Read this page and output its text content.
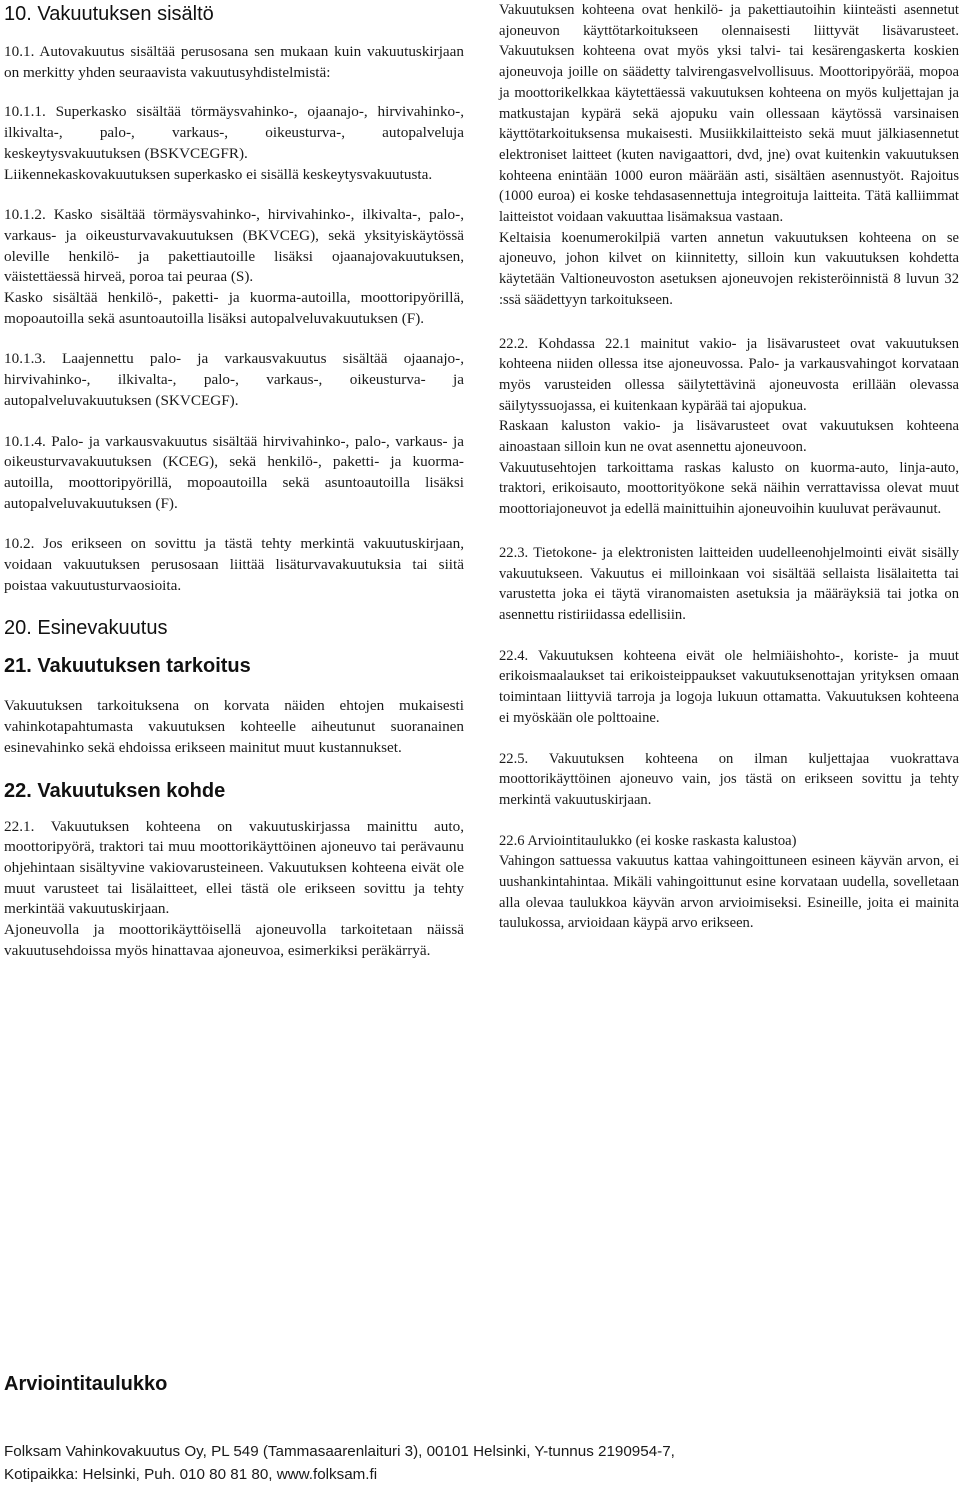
10. Vakuutuksen sisältö

10.1. Autovakuutus sisältää perusosana sen mukaan kuin vakuutuskirjaan on merkitty yhden seuraavista vakuutusyhdistelmistä:

10.1.1. Superkasko sisältää törmäysvahinko-, ojaanajo-, hirvivahinko-, ilkivalta-, palo-, varkaus-, oikeusturva-, autopalveluja keskeytysvakuutuksen (BSKVCEGFR).

Liikennekaskovakuutuksen superkasko ei sisällä keskeytysvakuutusta.

10.1.2. Kasko sisältää törmäysvahinko-, hirvivahinko-, ilkivalta-, palo-, varkaus- ja oikeusturvavakuutuksen (BKVCEG), sekä yksityiskäytössä oleville henkilö- ja pakettiautoille lisäksi ojaanajovakuutuksen, väistettäessä hirveä, poroa tai peuraa (S).

Kasko sisältää henkilö-, paketti- ja kuorma-autoilla, moottoripyörillä, mopoautoilla sekä asuntoautoilla lisäksi autopalveluvakuutuksen (F).

10.1.3. Laajennettu palo- ja varkausvakuutus sisältää ojaanajo-, hirvivahinko-, ilkivalta-, palo-, varkaus-, oikeusturva- ja autopalveluvakuutuksen (SKVCEGF).

10.1.4. Palo- ja varkausvakuutus sisältää hirvivahinko-, palo-, varkaus- ja oikeusturvavakuutuksen (KCEG), sekä henkilö-, paketti- ja kuorma-autoilla, moottoripyörillä, mopoautoilla sekä asuntoautoilla lisäksi autopalveluvakuutuksen (F).

10.2. Jos erikseen on sovittu ja tästä tehty merkintä vakuutuskirjaan, voidaan vakuutuksen perusosaan liittää lisäturvavakuutuksia tai siitä poistaa vakuutusturvaosioita.

20. Esinevakuutus
21. Vakuutuksen tarkoitus

Vakuutuksen tarkoituksena on korvata näiden ehtojen mukaisesti vahinkotapahtumasta vakuutuksen kohteelle aiheutunut suoranainen esinevahinko sekä ehdoissa erikseen mainitut muut kustannukset.

22. Vakuutuksen kohde

22.1. Vakuutuksen kohteena on vakuutuskirjassa mainittu auto, moottoripyörä, traktori tai muu moottorikäyttöinen ajoneuvo tai perävaunu ohjehintaan sisältyvine vakiovarusteineen. Vakuutuksen kohteena eivät ole muut varusteet tai lisälaitteet, ellei tästä ole erikseen sovittu ja tehty merkintää vakuutuskirjaan.

Ajoneuvolla ja moottorikäyttöisellä ajoneuvolla tarkoitetaan näissä vakuutusehdoissa myös hinattavaa ajoneuvoa, esimerkiksi peräkärryä.

Vakuutuksen kohteena ovat henkilö- ja pakettiautoihin kiinteästi asennetut ajoneuvon käyttötarkoitukseen olennaisesti liittyvät lisävarusteet. Vakuutuksen kohteena ovat myös yksi talvi- tai kesärengaskerta koskien ajoneuvoja joille on säädetty talvirengasvelvollisuus. Moottoripyörää, mopoa ja moottorikelkkaa käytettäessä vakuutuksen kohteena on myös kuljettajan ja matkustajan kypärä sekä ajopuku vain ollessaan käytössä varsinaisen käyttötarkoituksensa mukaisesti. Musiikkilaitteisto sekä muut jälkiasennetut elektroniset laitteet (kuten navigaattori, dvd, jne) ovat kuitenkin vakuutuksen kohteena enintään 1000 euron määrään asti, sisältäen asennustyöt. Rajoitus (1000 euroa) ei koske tehdasasennettuja integroituja laitteita. Tätä kalliimmat laitteistot voidaan vakuuttaa lisämaksua vastaan.

Keltaisia koenumerokilpiä varten annetun vakuutuksen kohteena on se ajoneuvo, johon kilvet on kiinnitetty, silloin kun vakuutuksen kohdetta käytetään Valtioneuvoston asetuksen ajoneuvojen rekisteröinnistä 8 luvun 32 :ssä säädettyyn tarkoitukseen.

22.2. Kohdassa 22.1 mainitut vakio- ja lisävarusteet ovat vakuutuksen kohteena niiden ollessa itse ajoneuvossa. Palo- ja varkausvahingot korvataan myös varusteiden ollessa säilytettävinä ajoneuvosta erillään olevassa säilytyssuojassa, ei kuitenkaan kypärää tai ajopukua.

Raskaan kaluston vakio- ja lisävarusteet ovat vakuutuksen kohteena ainoastaan silloin kun ne ovat asennettu ajoneuvoon.

Vakuutusehtojen tarkoittama raskas kalusto on kuorma-auto, linja-auto, traktori, erikoisauto, moottorityökone sekä näihin verrattavissa olevat muut moottoriajoneuvot ja edellä mainittuihin ajoneuvoihin kuuluvat perävaunut.

22.3. Tietokone- ja elektronisten laitteiden uudelleenohjelmointi eivät sisälly vakuutukseen. Vakuutus ei milloinkaan voi sisältää sellaista lisälaitetta tai varustetta joka ei täytä viranomaisten asetuksia ja määräyksiä tai jotka on asennettu ristiriidassa edellisiin.

22.4. Vakuutuksen kohteena eivät ole helmiäishohto-, koriste- ja muut erikoismaalaukset tai erikoisteippaukset vakuutuksenottajan yrityksen omaan toimintaan liittyviä tarroja ja logoja lukuun ottamatta. Vakuutuksen kohteena ei myöskään ole polttoaine.

22.5. Vakuutuksen kohteena on ilman kuljettajaa vuokrattava moottorikäyttöinen ajoneuvo vain, jos tästä on erikseen sovittu ja tehty merkintä vakuutuskirjaan.

22.6 Arviointitaulukko (ei koske raskasta kalustoa)

Vahingon sattuessa vakuutus kattaa vahingoittuneen esineen käyvän arvon, ei uushankintahintaa. Mikäli vahingoittunut esine korvataan uudella, sovelletaan alla olevaa taulukkoa käyvän arvon arvioimiseksi. Esineille, joita ei mainita taulukossa, arvioidaan käypä arvo erikseen.

Arviointitaulukko
Folksam Vahinkovakuutus Oy, PL 549 (Tammasaarenlaituri 3), 00101 Helsinki, Y-tunnus 2190954-7,
Kotipaikka: Helsinki, Puh. 010 80 81 80, www.folksam.fi
